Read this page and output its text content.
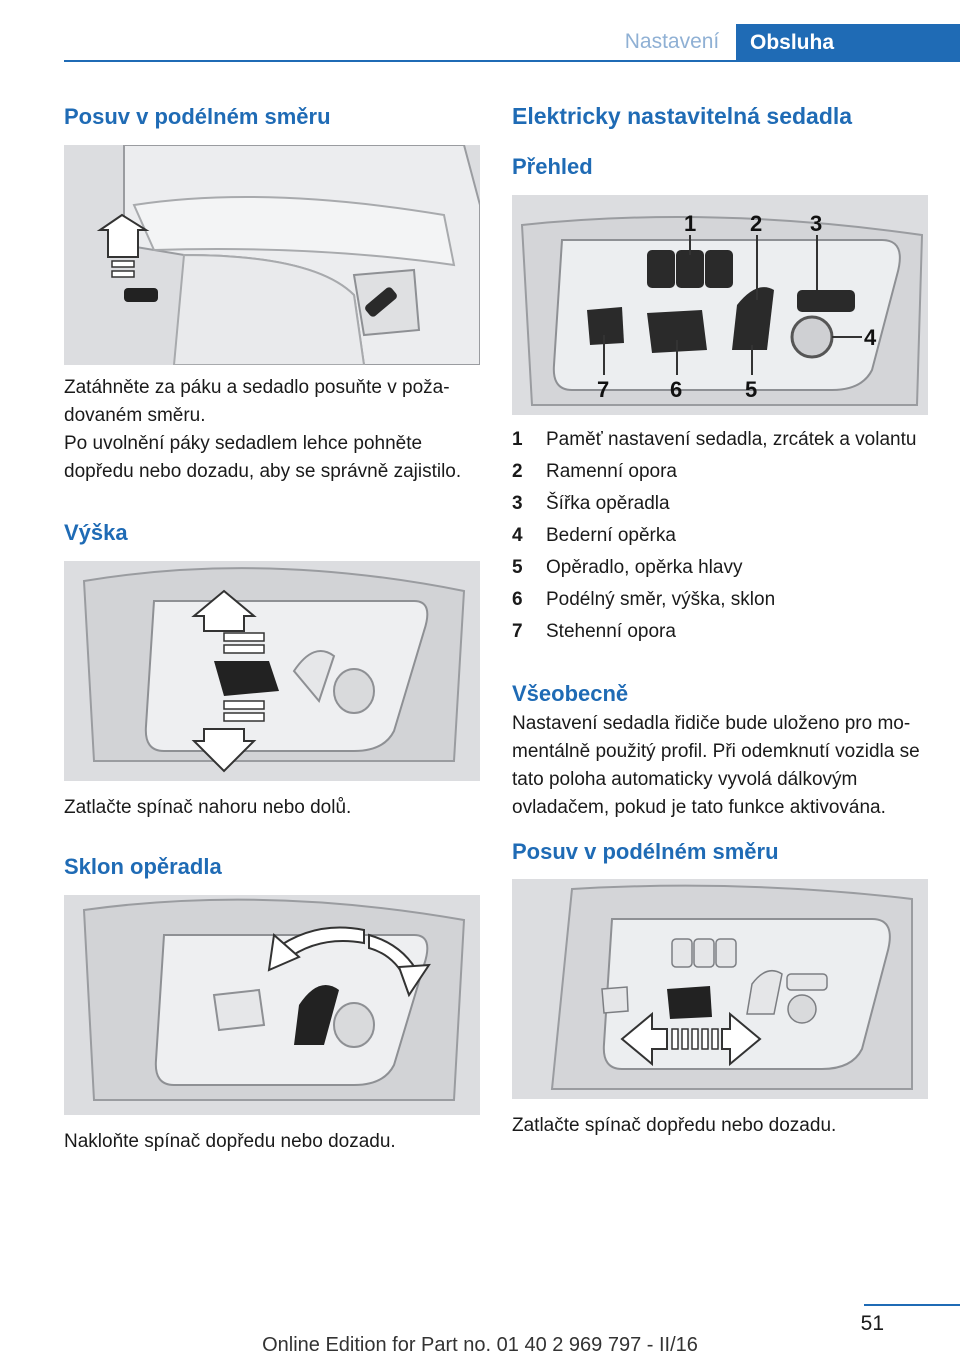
Nastavení	Obsluha
Posuv v podélném směru

Zatáhněte za páku a sedadlo posuňte v požadovaném směru.

Po uvolnění páky sedadlem lehce pohněte dopředu nebo dozadu, aby se správně zajistilo.

Výška

Zatlačte spínač nahoru nebo dolů.

Sklon opěradla

Nakloňte spínač dopředu nebo dozadu.

Elektricky nastavitelná sedadla
Přehled
1 2 3
4
5
6
7
1	Paměť nastavení sedadla, zrcátek a volantu
2	Ramenní opora
3	Šířka opěradla
4	Bederní opěrka
5	Opěradlo, opěrka hlavy
6	Podélný směr, výška, sklon
7	Stehenní opora
Všeobecně

Nastavení sedadla řidiče bude uloženo pro momentálně použitý profil. Při odemknutí vozidla se tato poloha automaticky vyvolá dálkovým ovladačem, pokud je tato funkce aktivována.

Posuv v podélném směru

Zatlačte spínač dopředu nebo dozadu.

51
Online Edition for Part no. 01 40 2 969 797 - II/16
